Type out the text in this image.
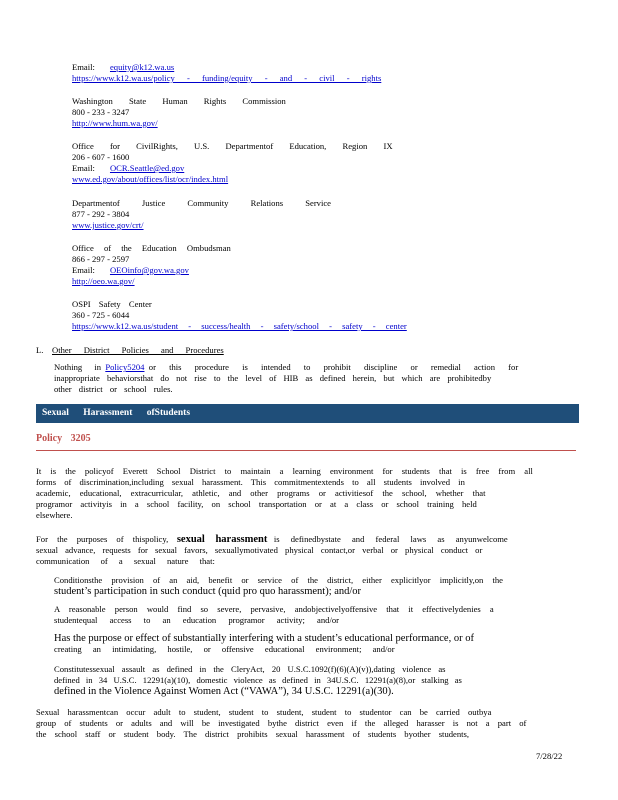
Email: equity@k12.wa.us
https://www.k12.wa.us/policy - funding/equity - and - civil - rights
Washington State Human Rights Commission
800 - 233 - 3247
http://www.hum.wa.gov/
Office for CivilRights, U.S. Departmentof Education, Region IX
206 - 607 - 1600
Email: OCR.Seattle@ed.gov
www.ed.gov/about/offices/list/ocr/index.html
Departmentof Justice Community Relations Service
877 - 292 - 3804
www.justice.gov/crt/
Office of the Education Ombudsman
866 - 297 - 2597
Email: OEOinfo@gov.wa.gov
http://oeo.wa.gov/
OSPI Safety Center
360 - 725 - 6044
https://www.k12.wa.us/student - success/health - safety/school - safety - center
L. Other District Policies and Procedures
Nothing in Policy5204 or this procedure is intended to prohibit discipline or remedial action for
inappropriate behaviorsthat do not rise to the level of HIB as defined herein, but which are prohibitedby
other district or school rules.
Sexual Harassment ofStudents
Policy 3205
It is the policyof Everett School District to maintain a learning environment for students that is free from all
forms of discrimination,including sexual harassment. This commitmentextends to all students involved in
academic, educational, extracurricular, athletic, and other programs or activitiesof the school, whether that
programor activityis in a school facility, on school transportation or at a class or school training held
elsewhere.
For the purposes of thispolicy, sexual harassment is definedbystate and federal laws as anyunwelcome
sexual advance, requests for sexual favors, sexuallymotivated physical contact,or verbal or physical conduct or
communication of a sexual nature that:
Conditionsthe provision of an aid, benefit or service of the district, either explicitlyor implicitly,on the
student’s participation in such conduct (quid pro quo harassment); and/or
A reasonable person would find so severe, pervasive, andobjectivelyoffensive that it effectivelydenies a
studentequal access to an education programor activity; and/or
Has the purpose or effect of substantially interfering with a student’s educational performance, or of
creating an intimidating, hostile, or offensive educational environment; and/or
Constitutessexual assault as defined in the CleryAct, 20 U.S.C.1092(f)(6)(A)(v)),dating violence as
defined in 34 U.S.C. 12291(a)(10), domestic violence as defined in 34U.S.C. 12291(a)(8),or stalking as
defined in the Violence Against Women Act (“VAWA”), 34 U.S.C. 12291(a)(30).
Sexual harassmentcan occur adult to student, student to student, student to studentor can be carried outbya
group of students or adults and will be investigated bythe district even if the alleged harasser is not a part of
the school staff or student body. The district prohibits sexual harassment of students byother students,
7/28/22
